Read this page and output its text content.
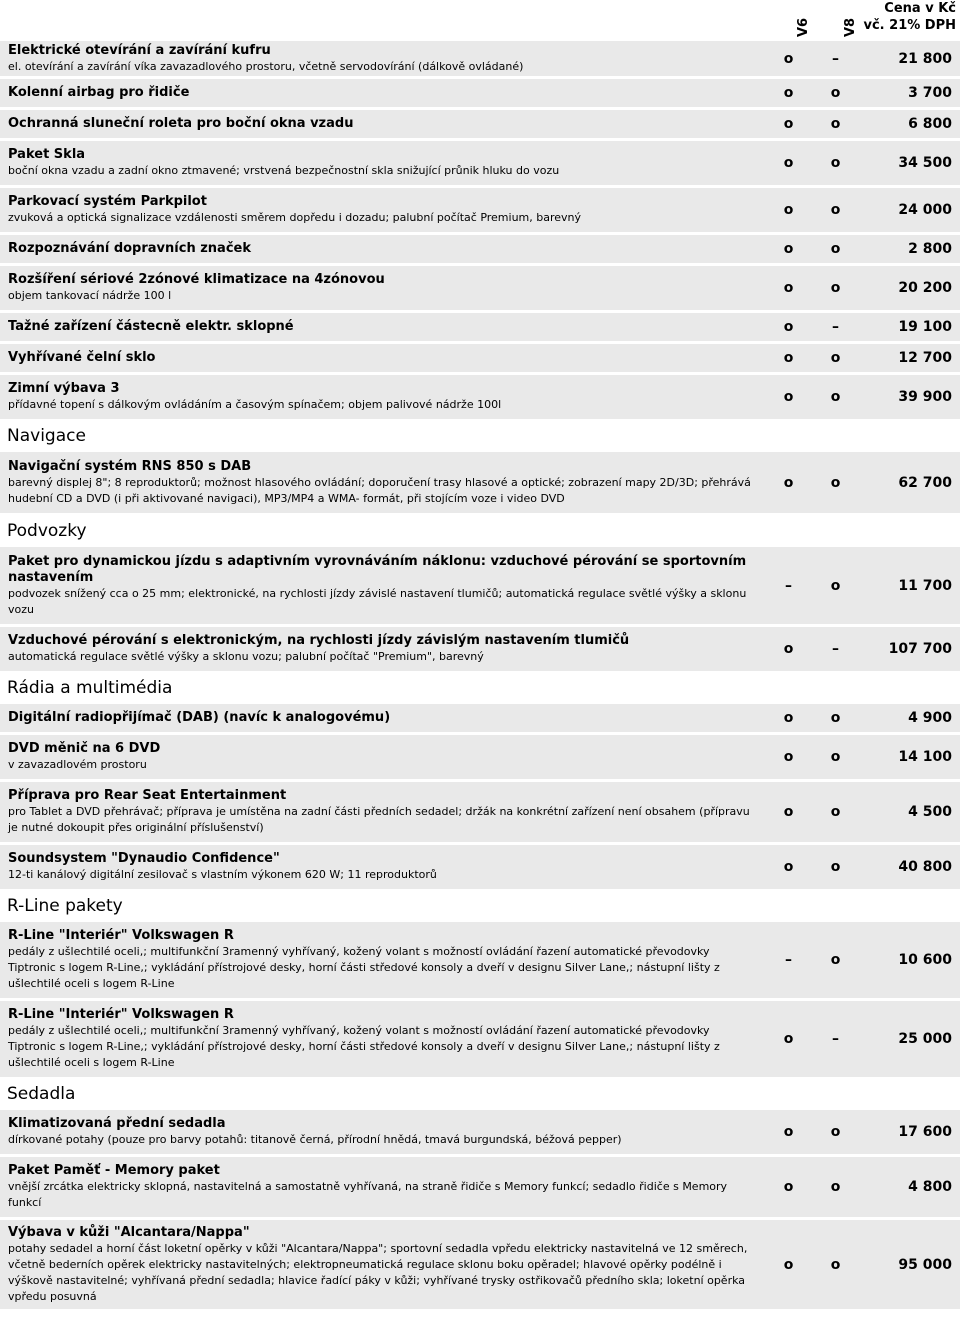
V6 V8
Cena v Kč
vč. 21% DPH
Elektrické otevírání a zavírání kufru
el. otevírání a zavírání víka zavazadlového prostoru, včetně servodovírání (dálkově ovládané)	o	–	21 800
Kolenní airbag pro řidiče	o	o	3 700
Ochranná sluneční roleta pro boční okna vzadu	o	o	6 800
Paket Skla
boční okna vzadu a zadní okno ztmavené; vrstvená bezpečnostní skla snižující průnik hluku do vozu	o	o	34 500
Parkovací systém Parkpilot
zvuková a optická signalizace vzdálenosti směrem dopředu i dozadu; palubní počítač Premium, barevný	o	o	24 000
Rozpoznávání dopravních značek	o	o	2 800
Rozšíření sériové 2zónové klimatizace na 4zónovou
objem tankovací nádrže 100 l	o	o	20 200
Tažné zařízení částecně elektr. sklopné	o	–	19 100
Vyhřívané čelní sklo	o	o	12 700
Zimní výbava 3
přídavné topení s dálkovým ovládáním a časovým spínačem; objem palivové nádrže 100l	o	o	39 900
Navigace
Navigační systém RNS 850 s DAB
barevný displej 8"; 8 reproduktorů; možnost hlasového ovládání; doporučení trasy hlasové a optické; zobrazení mapy 2D/3D; přehrává hudební CD a DVD (i při aktivované navigaci), MP3/MP4 a WMA- formát, při stojícím voze i video DVD
o	o	62 700
Podvozky
Paket pro dynamickou jízdu s adaptivním vyrovnáváním náklonu: vzduchové pérování se sportovním nastavením
podvozek snížený cca o 25 mm; elektronické, na rychlosti jízdy závislé nastavení tlumičů; automatická regulace světlé výšky a sklonu vozu
–	o	11 700
Vzduchové pérování s elektronickým, na rychlosti jízdy závislým nastavením tlumičů
automatická regulace světlé výšky a sklonu vozu; palubní počítač "Premium", barevný	o	–	107 700
Rádia a multimédia
Digitální radiopřijímač (DAB) (navíc k analogovému)	o	o	4 900
DVD měnič na 6 DVD
v zavazadlovém prostoru	o	o	14 100
Příprava pro Rear Seat Entertainment
pro Tablet a DVD přehrávač; příprava je umístěna na zadní části předních sedadel; držák na konkrétní zařízení není obsahem (přípravu je nutné dokoupit přes originální příslušenství)
o	o	4 500
Soundsystem "Dynaudio Confidence"
12-ti kanálový digitální zesilovač s vlastním výkonem 620 W; 11 reproduktorů	o	o	40 800
R-Line pakety
R-Line "Interiér" Volkswagen R
pedály z ušlechtilé oceli,; multifunkční 3ramenný vyhřívaný, kožený volant s možností ovládání řazení automatické převodovky Tiptronic s logem R-Line,; vykládání přístrojové desky, horní části středové konsoly a dveří v designu Silver Lane,; nástupní lišty z ušlechtilé oceli s logem R-Line
–	o	10 600
R-Line "Interiér" Volkswagen R
pedály z ušlechtilé oceli,; multifunkční 3ramenný vyhřívaný, kožený volant s možností ovládání řazení automatické převodovky Tiptronic s logem R-Line,; vykládání přístrojové desky, horní části středové konsoly a dveří v designu Silver Lane,; nástupní lišty z ušlechtilé oceli s logem R-Line
o	–	25 000
Sedadla
Klimatizovaná přední sedadla
dírkované potahy (pouze pro barvy potahů: titanově černá, přírodní hnědá, tmavá burgundská, béžová pepper)	o	o	17 600
Paket Paměť - Memory paket
vnější zrcátka elektricky sklopná, nastavitelná a samostatně vyhřívaná, na straně řidiče s Memory funkcí; sedadlo řidiče s Memory funkcí
o	o	4 800
Výbava v kůži "Alcantara/Nappa"
potahy sedadel a horní část loketní opěrky v kůži "Alcantara/Nappa"; sportovní sedadla vpředu elektricky nastavitelná ve 12 směrech, včetně bederních opěrek elektricky nastavitelných; elektropneumatická regulace sklonu boku opěradel; hlavové opěrky podélně i výškově nastavitelné; vyhřívaná přední sedadla; hlavice řadící páky v kůži; vyhřívané trysky ostřikovačů předního skla; loketní opěrka vpředu posuvná
o	o	95 000
